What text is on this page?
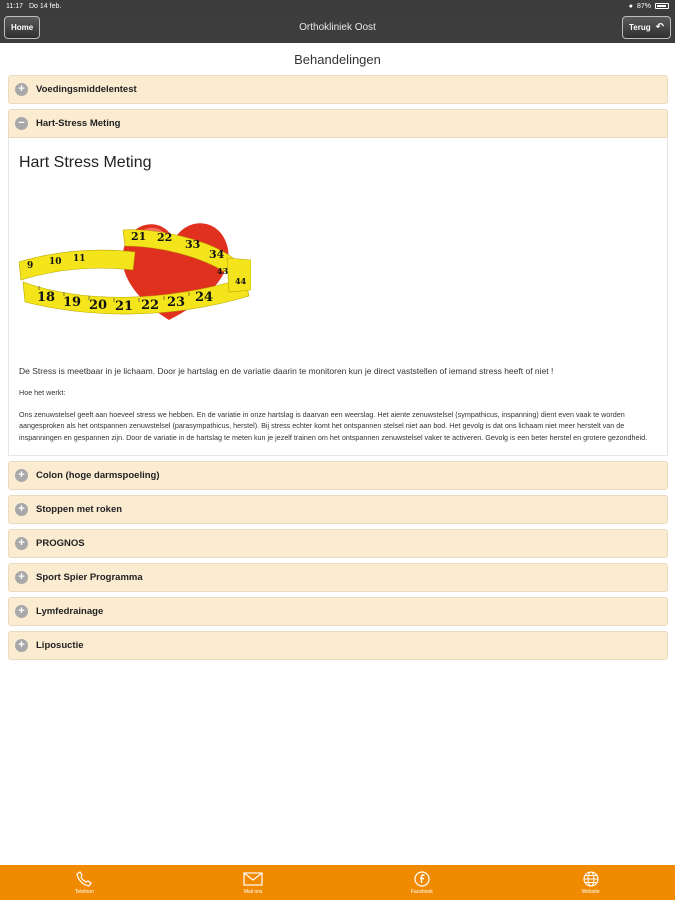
11:17 Do 14 feb.	● 87%
Home	Orthokliniek Oost	Terug ↶
Behandelingen
+	Voedingsmiddelentest
−	Hart-Stress Meting
Hart Stress Meting
21 22
33
34
9 10 11
18 19 20 21 22 23 24
43
44

De Stress is meetbaar in je lichaam. Door je hartslag en de variatie daarin te monitoren kun je direct vaststellen of iemand stress heeft of niet !

Hoe het werkt:

Ons zenuwstelsel geeft aan hoeveel stress we hebben. En de variatie in onze hartslag is daarvan een weerslag. Het aiente zenuwstelsel (sympathicus, inspanning) dient even vaak te worden aangesproken als het ontspannen zenuwstelsel (parasympathicus, herstel). Bij stress echter komt het ontspannen stelsel niet aan bod. Het gevolg is dat ons lichaam niet meer herstelt van de inspanningen en gespannen zijn. Door de variatie in de hartslag te meten kun je jezelf trainen om het ontspannen zenuwstelsel vaker te activeren. Gevolg is een beter herstel en grotere gezondheid.

+	Colon (hoge darmspoeling)
+	Stoppen met roken
+	PROGNOS
+	Sport Spier Programma
+	Lymfedrainage
+	Liposuctie
Telefoon	Mail ons	Facebook	Website
